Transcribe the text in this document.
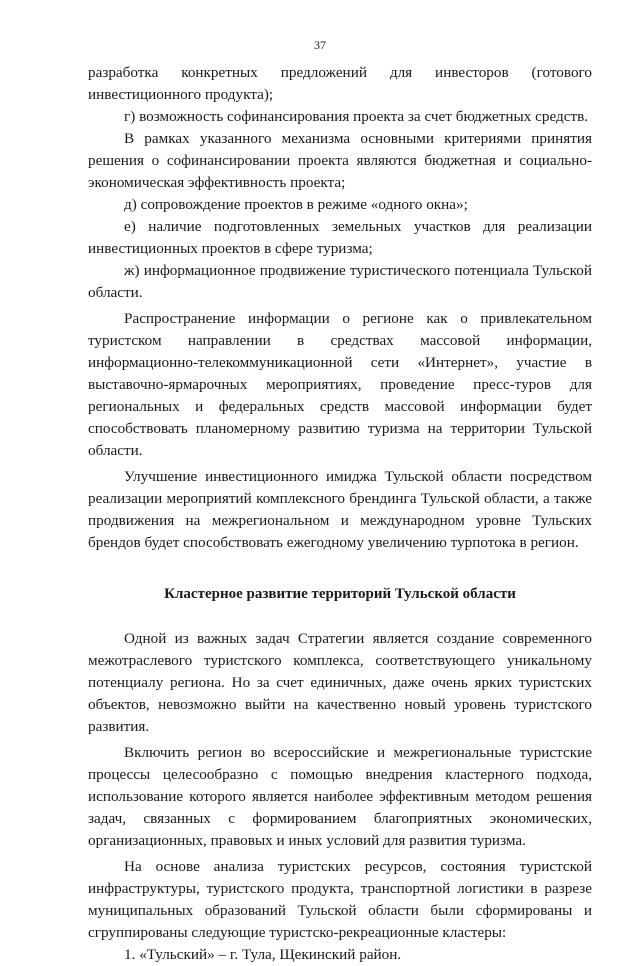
37

разработка конкретных предложений для инвесторов (готового инвестиционного продукта);

г) возможность софинансирования проекта за счет бюджетных средств.

В рамках указанного механизма основными критериями принятия решения о софинансировании проекта являются бюджетная и социально-экономическая эффективность проекта;

д) сопровождение проектов в режиме «одного окна»;

е) наличие подготовленных земельных участков для реализации инвестиционных проектов в сфере туризма;

ж) информационное продвижение туристического потенциала Тульской области.

Распространение информации о регионе как о привлекательном туристском направлении в средствах массовой информации, информационно-телекоммуникационной сети «Интернет», участие в выставочно-ярмарочных мероприятиях, проведение пресс-туров для региональных и федеральных средств массовой информации будет способствовать планомерному развитию туризма на территории Тульской области.

Улучшение инвестиционного имиджа Тульской области посредством реализации мероприятий комплексного брендинга Тульской области, а также продвижения на межрегиональном и международном уровне Тульских брендов будет способствовать ежегодному увеличению турпотока в регион.

Кластерное развитие территорий Тульской области

Одной из важных задач Стратегии является создание современного межотраслевого туристского комплекса, соответствующего уникальному потенциалу региона. Но за счет единичных, даже очень ярких туристских объектов, невозможно выйти на качественно новый уровень туристского развития.

Включить регион во всероссийские и межрегиональные туристские процессы целесообразно с помощью внедрения кластерного подхода, использование которого является наиболее эффективным методом решения задач, связанных с формированием благоприятных экономических, организационных, правовых и иных условий для развития туризма.

На основе анализа туристских ресурсов, состояния туристской инфраструктуры, туристского продукта, транспортной логистики в разрезе муниципальных образований Тульской области были сформированы и сгруппированы следующие туристско-рекреационные кластеры:

1. «Тульский» – г. Тула, Щекинский район.
